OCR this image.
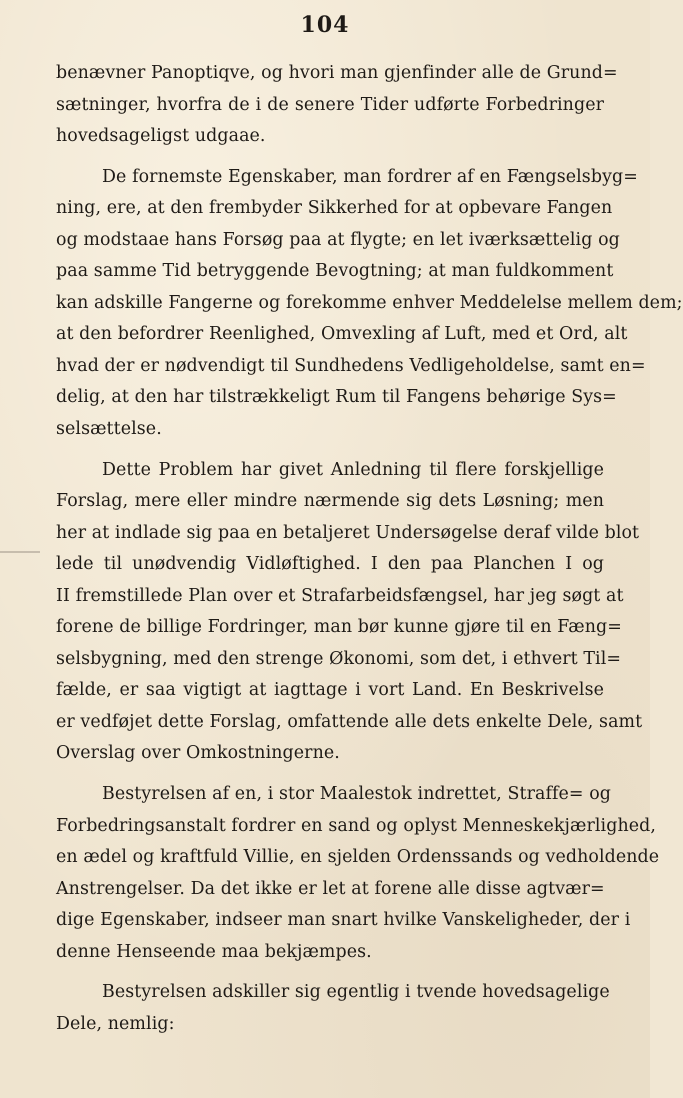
104
benævner Panoptiqve, og hvori man gjenfinder alle de Grund=
sætninger, hvorfra de i de senere Tider udførte Forbedringer
hovedsageligst udgaae.
De fornemste Egenskaber, man fordrer af en Fængselsbyg=
ning, ere, at den frembyder Sikkerhed for at opbevare Fangen
og modstaae hans Forsøg paa at flygte; en let iværksættelig og
paa samme Tid betryggende Bevogtning; at man fuldkomment
kan adskille Fangerne og forekomme enhver Meddelelse mellem dem;
at den befordrer Reenlighed, Omvexling af Luft, med et Ord, alt
hvad der er nødvendigt til Sundhedens Vedligeholdelse, samt en=
delig, at den har tilstrækkeligt Rum til Fangens behørige Sys=
selsættelse.
Dette Problem har givet Anledning til flere forskjellige
Forslag, mere eller mindre nærmende sig dets Løsning; men
her at indlade sig paa en betaljeret Undersøgelse deraf vilde blot
lede til unødvendig Vidløftighed. I den paa Planchen I og
II fremstillede Plan over et Strafarbeidsfængsel, har jeg søgt at
forene de billige Fordringer, man bør kunne gjøre til en Fæng=
selsbygning, med den strenge Økonomi, som det, i ethvert Til=
fælde, er saa vigtigt at iagttage i vort Land. En Beskrivelse
er vedføjet dette Forslag, omfattende alle dets enkelte Dele, samt
Overslag over Omkostningerne.
Bestyrelsen af en, i stor Maalestok indrettet, Straffe= og
Forbedringsanstalt fordrer en sand og oplyst Menneskekjærlighed,
en ædel og kraftfuld Villie, en sjelden Ordenssands og vedholdende
Anstrengelser. Da det ikke er let at forene alle disse agtvær=
dige Egenskaber, indseer man snart hvilke Vanskeligheder, der i
denne Henseende maa bekjæmpes.
Bestyrelsen adskiller sig egentlig i tvende hovedsagelige
Dele, nemlig:
